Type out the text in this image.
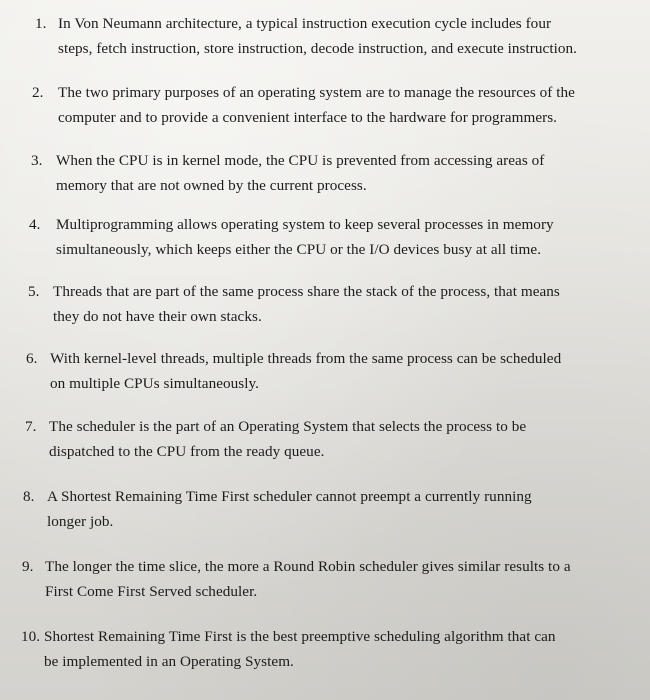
1. In Von Neumann architecture, a typical instruction execution cycle includes four
steps, fetch instruction, store instruction, decode instruction, and execute instruction.
2. The two primary purposes of an operating system are to manage the resources of the
computer and to provide a convenient interface to the hardware for programmers.
3. When the CPU is in kernel mode, the CPU is prevented from accessing areas of
memory that are not owned by the current process.
4. Multiprogramming allows operating system to keep several processes in memory
simultaneously, which keeps either the CPU or the I/O devices busy at all time.
5. Threads that are part of the same process share the stack of the process, that means
they do not have their own stacks.
6. With kernel-level threads, multiple threads from the same process can be scheduled
on multiple CPUs simultaneously.
7. The scheduler is the part of an Operating System that selects the process to be
dispatched to the CPU from the ready queue.
8. A Shortest Remaining Time First scheduler cannot preempt a currently running
longer job.
9. The longer the time slice, the more a Round Robin scheduler gives similar results to a
First Come First Served scheduler.
10. Shortest Remaining Time First is the best preemptive scheduling algorithm that can
be implemented in an Operating System.
